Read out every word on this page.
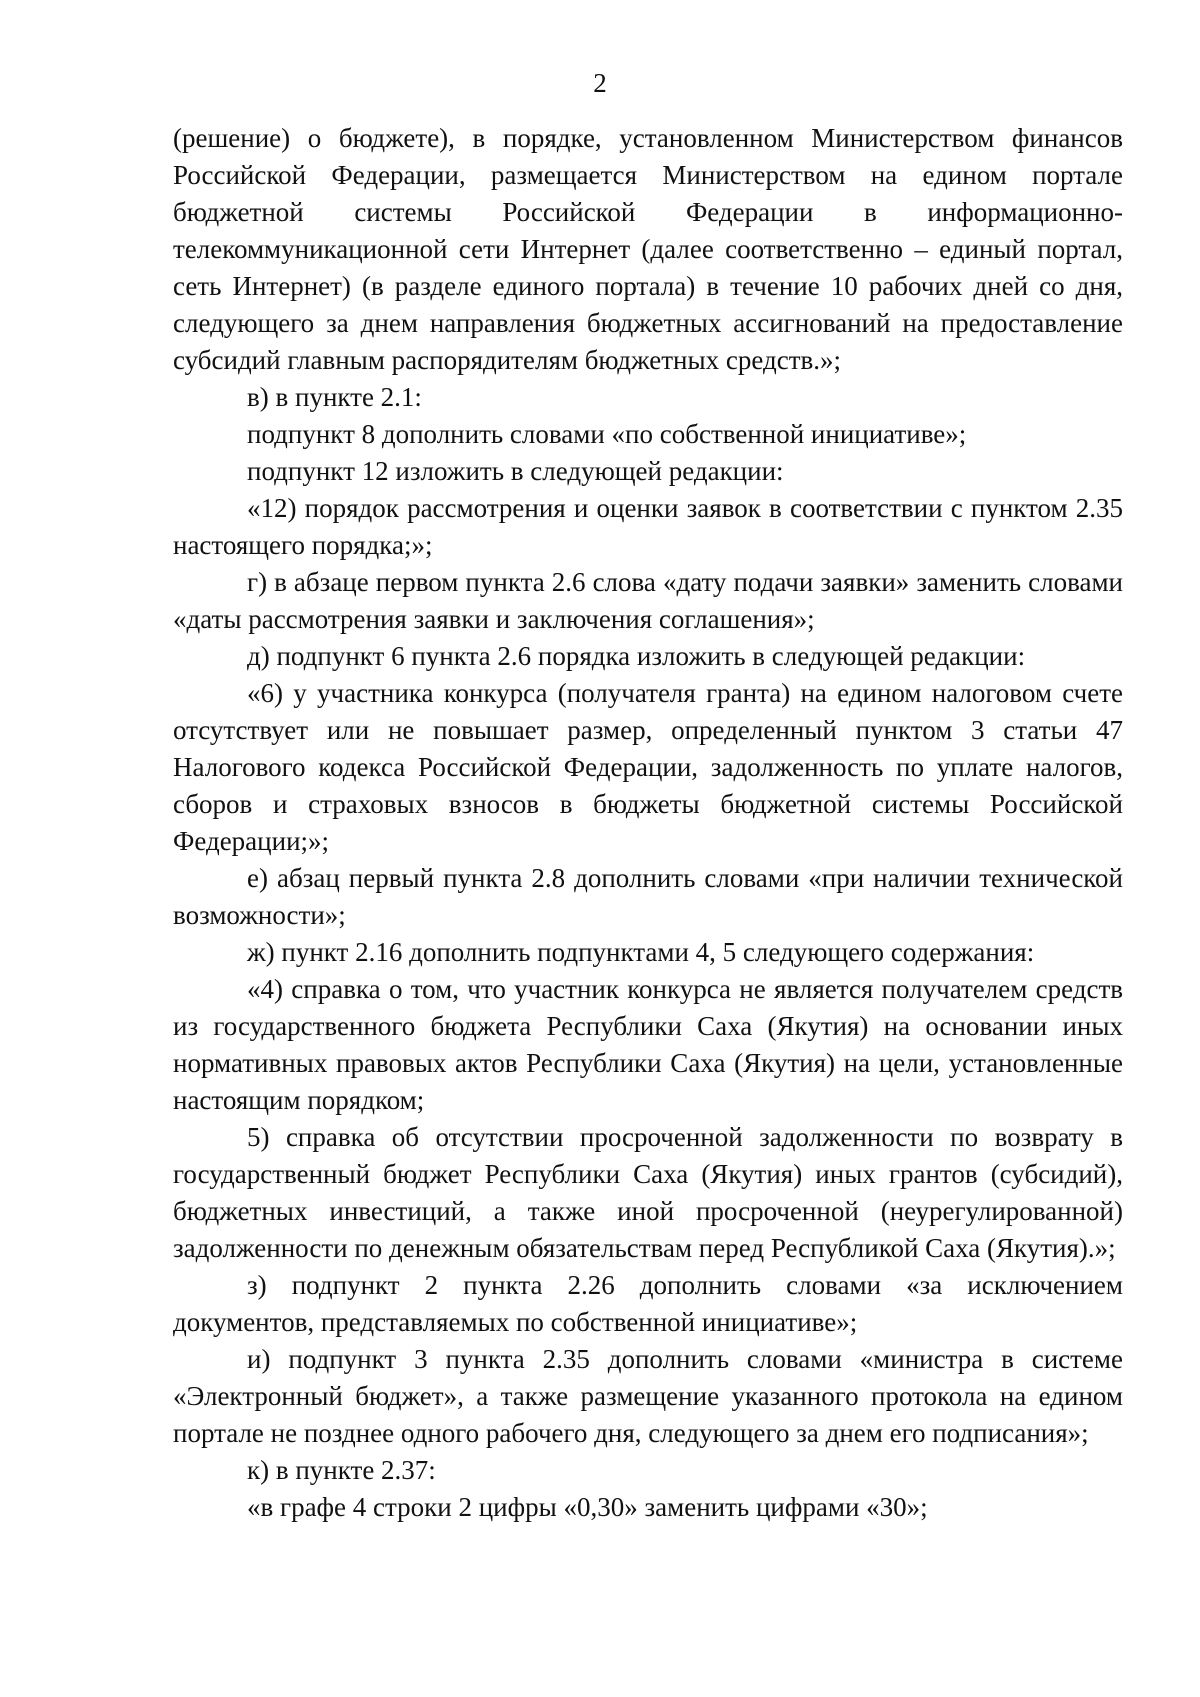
2

(решение) о бюджете), в порядке, установленном Министерством финансов Российской Федерации, размещается Министерством на едином портале бюджетной системы Российской Федерации в информационно-телекоммуникационной сети Интернет (далее соответственно – единый портал, сеть Интернет) (в разделе единого портала) в течение 10 рабочих дней со дня, следующего за днем направления бюджетных ассигнований на предоставление субсидий главным распорядителям бюджетных средств.»;

в) в пункте 2.1:

подпункт 8 дополнить словами «по собственной инициативе»;

подпункт 12 изложить в следующей редакции:

«12) порядок рассмотрения и оценки заявок в соответствии с пунктом 2.35 настоящего порядка;»;

г) в абзаце первом пункта 2.6 слова «дату подачи заявки» заменить словами «даты рассмотрения заявки и заключения соглашения»;

д) подпункт 6 пункта 2.6 порядка изложить в следующей редакции:

«6) у участника конкурса (получателя гранта) на едином налоговом счете отсутствует или не повышает размер, определенный пунктом 3 статьи 47 Налогового кодекса Российской Федерации, задолженность по уплате налогов, сборов и страховых взносов в бюджеты бюджетной системы Российской Федерации;»;

е) абзац первый пункта 2.8 дополнить словами «при наличии технической возможности»;

ж) пункт 2.16 дополнить подпунктами 4, 5 следующего содержания:

«4) справка о том, что участник конкурса не является получателем средств из государственного бюджета Республики Саха (Якутия) на основании иных нормативных правовых актов Республики Саха (Якутия) на цели, установленные настоящим порядком;

5) справка об отсутствии просроченной задолженности по возврату в государственный бюджет Республики Саха (Якутия) иных грантов (субсидий), бюджетных инвестиций, а также иной просроченной (неурегулированной) задолженности по денежным обязательствам перед Республикой Саха (Якутия).»;

з) подпункт 2 пункта 2.26 дополнить словами «за исключением документов, представляемых по собственной инициативе»;

и) подпункт 3 пункта 2.35 дополнить словами «министра в системе «Электронный бюджет», а также размещение указанного протокола на едином портале не позднее одного рабочего дня, следующего за днем его подписания»;

к) в пункте 2.37:

«в графе 4 строки 2 цифры «0,30» заменить цифрами «30»;
